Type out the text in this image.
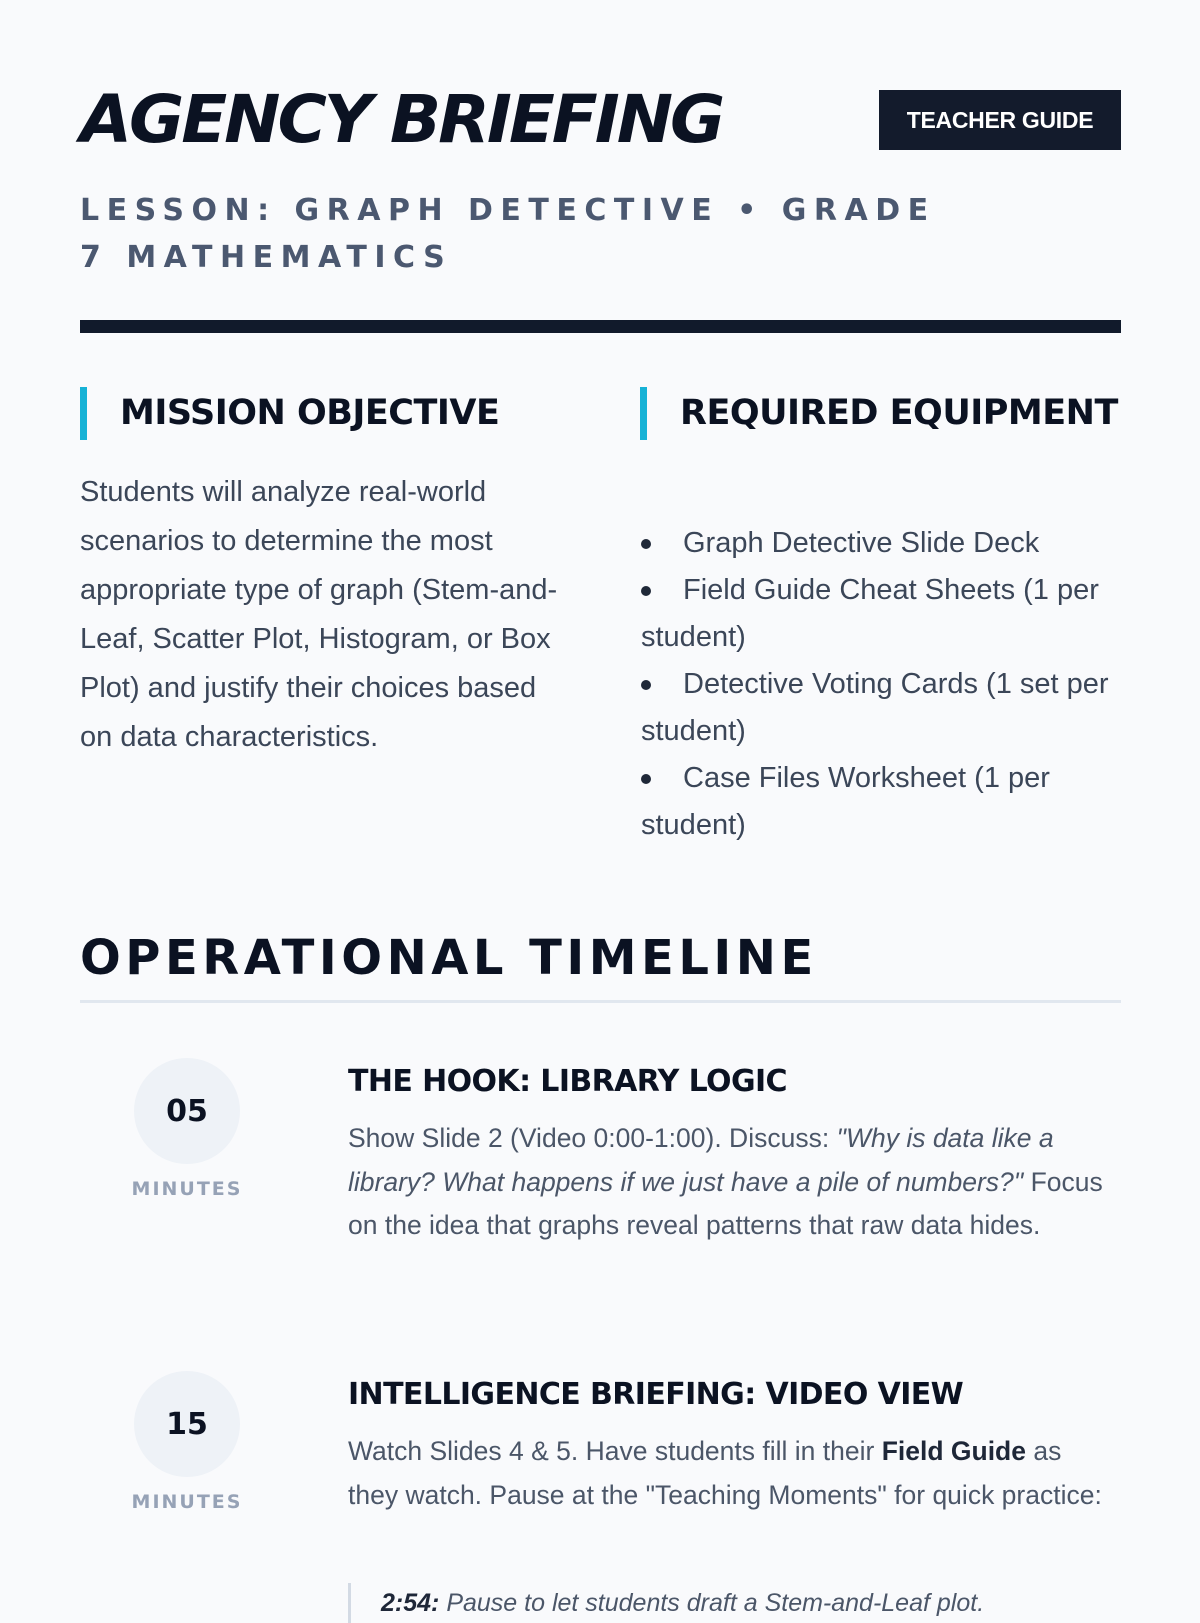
AGENCY BRIEFING	TEACHER GUIDE

LESSON: GRAPH DETECTIVE • GRADE 7 MATHEMATICS

MISSION OBJECTIVE

Students will analyze real-world scenarios to determine the most appropriate type of graph (Stem-and-Leaf, Scatter Plot, Histogram, or Box Plot) and justify their choices based on data characteristics.

REQUIRED EQUIPMENT
Graph Detective Slide Deck
Field Guide Cheat Sheets (1 per student)
Detective Voting Cards (1 set per student)
Case Files Worksheet (1 per student)
OPERATIONAL TIMELINE
05
MINUTES
THE HOOK: LIBRARY LOGIC

Show Slide 2 (Video 0:00-1:00). Discuss: "Why is data like a library? What happens if we just have a pile of numbers?" Focus on the idea that graphs reveal patterns that raw data hides.

15
MINUTES
INTELLIGENCE BRIEFING: VIDEO VIEW

Watch Slides 4 & 5. Have students fill in their Field Guide as they watch. Pause at the "Teaching Moments" for quick practice:

2:54: Pause to let students draft a Stem-and-Leaf plot.
